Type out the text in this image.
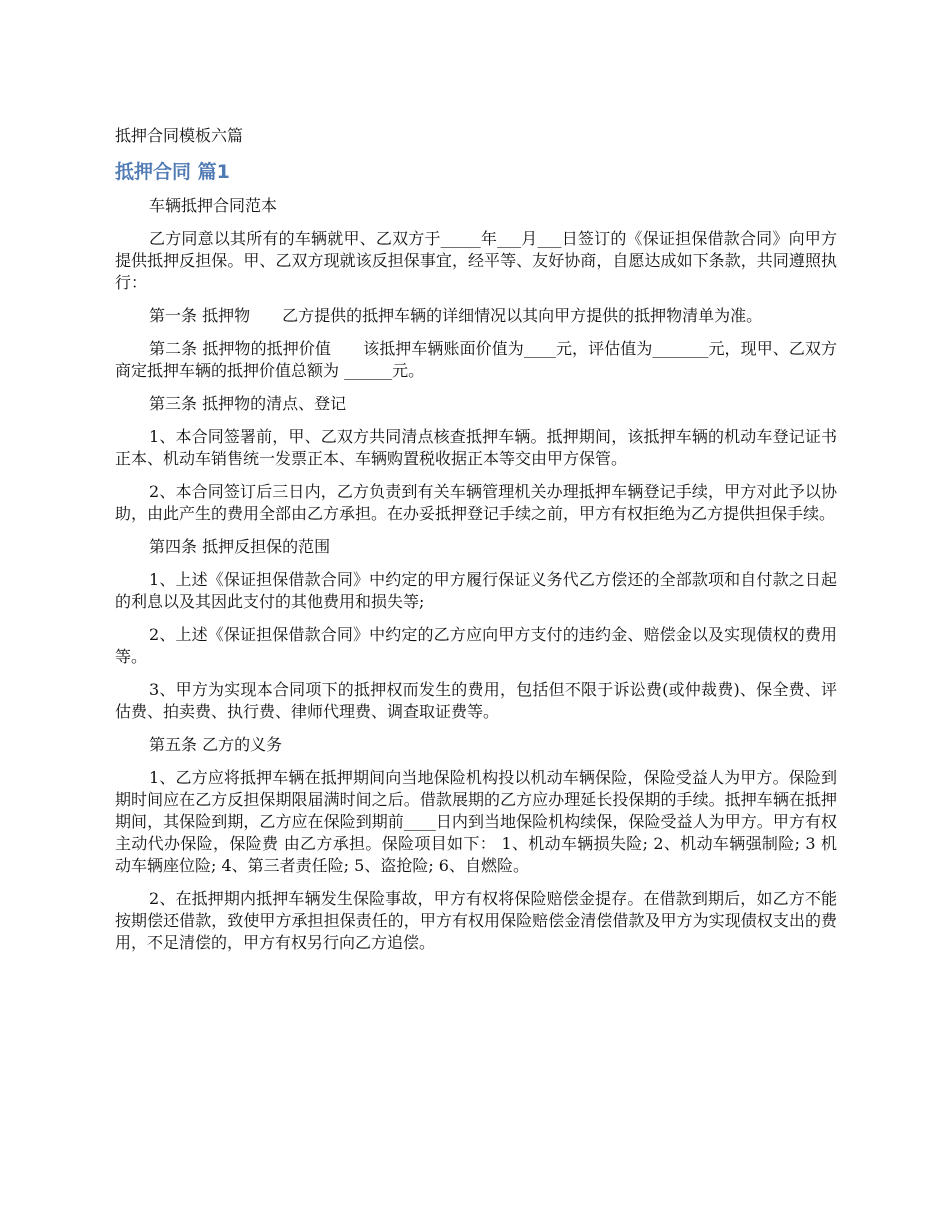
抵押合同模板六篇
抵押合同 篇1

车辆抵押合同范本

乙方同意以其所有的车辆就甲、乙双方于_____年___月___日签订的《保证担保借款合同》向甲方提供抵押反担保。甲、乙双方现就该反担保事宜，经平等、友好协商，自愿达成如下条款，共同遵照执行：

第一条 抵押物　　乙方提供的抵押车辆的详细情况以其向甲方提供的抵押物清单为准。

第二条 抵押物的抵押价值　　该抵押车辆账面价值为____元，评估值为_______元，现甲、乙双方商定抵押车辆的抵押价值总额为 ______元。

第三条 抵押物的清点、登记

1、本合同签署前，甲、乙双方共同清点核查抵押车辆。抵押期间，该抵押车辆的机动车登记证书正本、机动车销售统一发票正本、车辆购置税收据正本等交由甲方保管。

2、本合同签订后三日内，乙方负责到有关车辆管理机关办理抵押车辆登记手续，甲方对此予以协助，由此产生的费用全部由乙方承担。在办妥抵押登记手续之前，甲方有权拒绝为乙方提供担保手续。

第四条 抵押反担保的范围

1、上述《保证担保借款合同》中约定的甲方履行保证义务代乙方偿还的全部款项和自付款之日起的利息以及其因此支付的其他费用和损失等;

2、上述《保证担保借款合同》中约定的乙方应向甲方支付的违约金、赔偿金以及实现债权的费用等。

3、甲方为实现本合同项下的抵押权而发生的费用，包括但不限于诉讼费(或仲裁费)、保全费、评估费、拍卖费、执行费、律师代理费、调查取证费等。

第五条 乙方的义务

1、乙方应将抵押车辆在抵押期间向当地保险机构投以机动车辆保险，保险受益人为甲方。保险到期时间应在乙方反担保期限届满时间之后。借款展期的乙方应办理延长投保期的手续。抵押车辆在抵押期间，其保险到期，乙方应在保险到期前____日内到当地保险机构续保，保险受益人为甲方。甲方有权主动代办保险，保险费 由乙方承担。保险项目如下： 1、机动车辆损失险; 2、机动车辆强制险; 3 机动车辆座位险; 4、第三者责任险; 5、盗抢险; 6、自燃险。

2、在抵押期内抵押车辆发生保险事故，甲方有权将保险赔偿金提存。在借款到期后，如乙方不能按期偿还借款，致使甲方承担担保责任的，甲方有权用保险赔偿金清偿借款及甲方为实现债权支出的费用，不足清偿的，甲方有权另行向乙方追偿。
